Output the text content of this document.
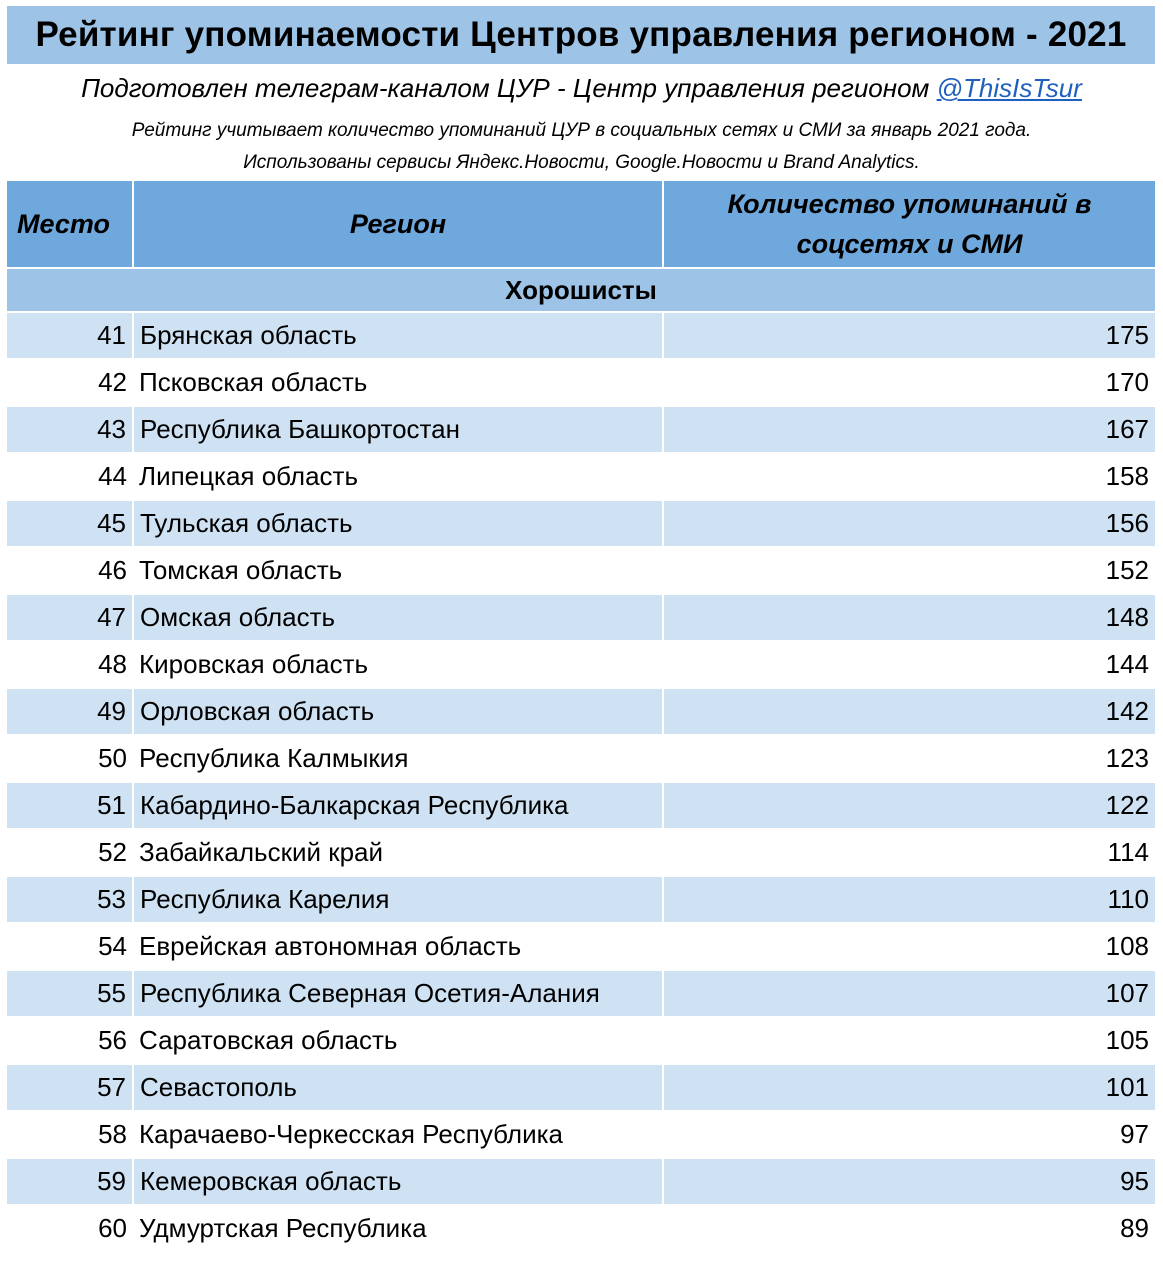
Рейтинг упоминаемости Центров управления регионом - 2021
Подготовлен телеграм-каналом ЦУР - Центр управления регионом @ThisIsTsur
Рейтинг учитывает количество упоминаний ЦУР в социальных сетях и СМИ за январь 2021 года.
Использованы сервисы Яндекс.Новости, Google.Новости и Brand Analytics.
Место	Регион	Количество упоминаний в
соцсетях и СМИ
Хорошисты		
41	Брянская область	175
42	Псковская область	170
43	Республика Башкортостан	167
44	Липецкая область	158
45	Тульская область	156
46	Томская область	152
47	Омская область	148
48	Кировская область	144
49	Орловская область	142
50	Республика Калмыкия	123
51	Кабардино-Балкарская Республика	122
52	Забайкальский край	114
53	Республика Карелия	110
54	Еврейская автономная область	108
55	Республика Северная Осетия-Алания	107
56	Саратовская область	105
57	Севастополь	101
58	Карачаево-Черкесская Республика	97
59	Кемеровская область	95
60	Удмуртская Республика	89
